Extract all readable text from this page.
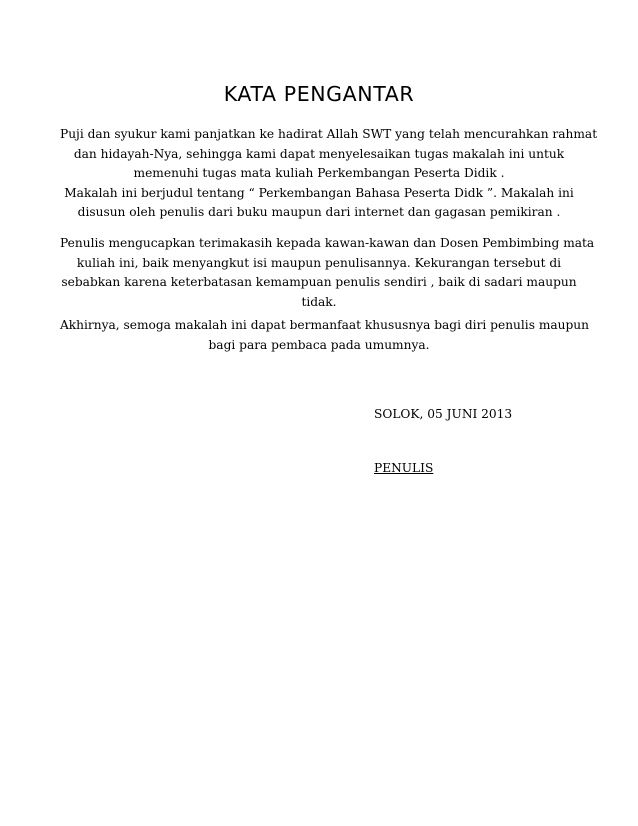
KATA PENGANTAR
Puji dan syukur kami panjatkan ke hadirat Allah SWT yang telah mencurahkan rahmat
dan hidayah-Nya, sehingga kami dapat menyelesaikan tugas makalah ini untuk
memenuhi tugas mata kuliah Perkembangan Peserta Didik .
Makalah ini berjudul tentang “ Perkembangan Bahasa Peserta Didk ”. Makalah ini
disusun oleh penulis dari buku maupun dari internet dan gagasan pemikiran .
Penulis mengucapkan terimakasih kepada kawan-kawan dan Dosen Pembimbing mata
kuliah ini, baik menyangkut isi maupun penulisannya. Kekurangan tersebut di
sebabkan karena keterbatasan kemampuan penulis sendiri , baik di sadari maupun
tidak.
Akhirnya, semoga makalah ini dapat bermanfaat khususnya bagi diri penulis maupun
bagi para pembaca pada umumnya.
SOLOK, 05 JUNI 2013
PENULIS
